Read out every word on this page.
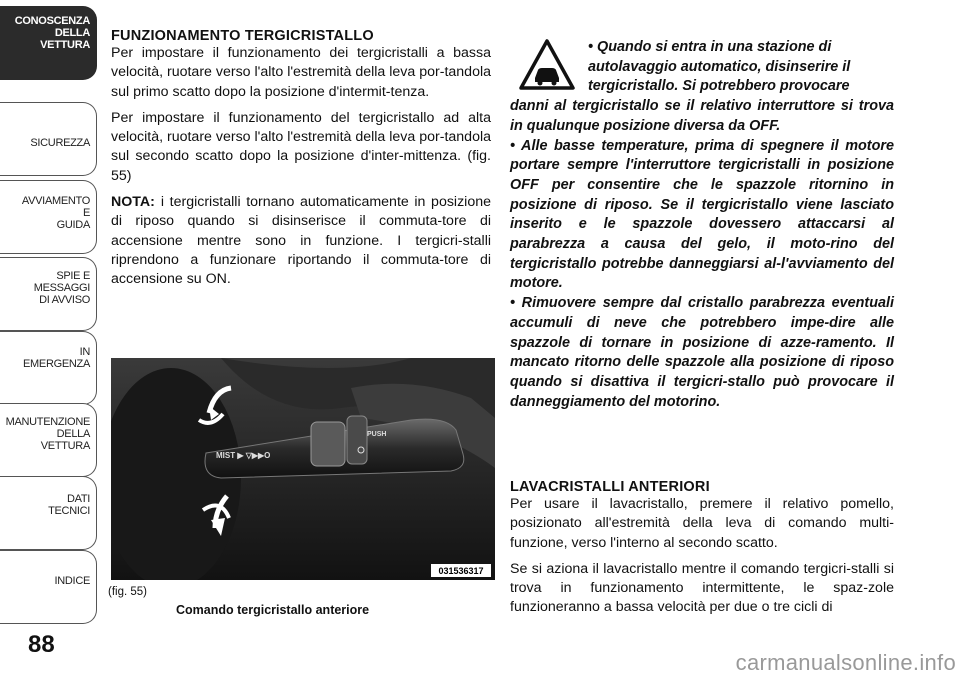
CONOSCENZA
DELLA
VETTURA
SICUREZZA
AVVIAMENTO
E
GUIDA
SPIE E
MESSAGGI
DI AVVISO
IN
EMERGENZA
MANUTENZIONE
DELLA
VETTURA
DATI
TECNICI
INDICE
88
FUNZIONAMENTO TERGICRISTALLO

Per impostare il funzionamento dei tergicristalli a bassa velocità, ruotare verso l'alto l'estremità della leva por-tandola sul primo scatto dopo la posizione d'intermit-tenza.

Per impostare il funzionamento del tergicristallo ad alta velocità, ruotare verso l'alto l'estremità della leva por-tandola sul secondo scatto dopo la posizione d'inter-mittenza. (fig. 55)

NOTA: i tergicristalli tornano automaticamente in posizione di riposo quando si disinserisce il commuta-tore di accensione mentre sono in funzione. I tergicri-stalli riprendono a funzionare riportando il commuta-tore di accensione su ON.

MIST ▶ ▽▶▶O
PUSH
031536317
(fig. 55)
Comando tergicristallo anteriore
• Quando si entra in una stazione di
autolavaggio automatico, disinserire il
tergicristallo. Si potrebbero provocare
danni al tergicristallo se il relativo interruttore si trova in qualunque posizione diversa da OFF.
• Alle basse temperature, prima di spegnere il motore portare sempre l'interruttore tergicristalli in posizione OFF per consentire che le spazzole ritornino in posizione di riposo. Se il tergicristallo viene lasciato inserito e le spazzole dovessero attaccarsi al parabrezza a causa del gelo, il moto-rino del tergicristallo potrebbe danneggiarsi al-l'avviamento del motore.
• Rimuovere sempre dal cristallo parabrezza eventuali accumuli di neve che potrebbero impe-dire alle spazzole di tornare in posizione di azze-ramento. Il mancato ritorno delle spazzole alla posizione di riposo quando si disattiva il tergicri-stallo può provocare il danneggiamento del motorino.
LAVACRISTALLI ANTERIORI

Per usare il lavacristallo, premere il relativo pomello, posizionato all'estremità della leva di comando multi-funzione, verso l'interno al secondo scatto.

Se si aziona il lavacristallo mentre il comando tergicri-stalli si trova in funzionamento intermittente, le spaz-zole funzioneranno a bassa velocità per due o tre cicli di

carmanualsonline.info
